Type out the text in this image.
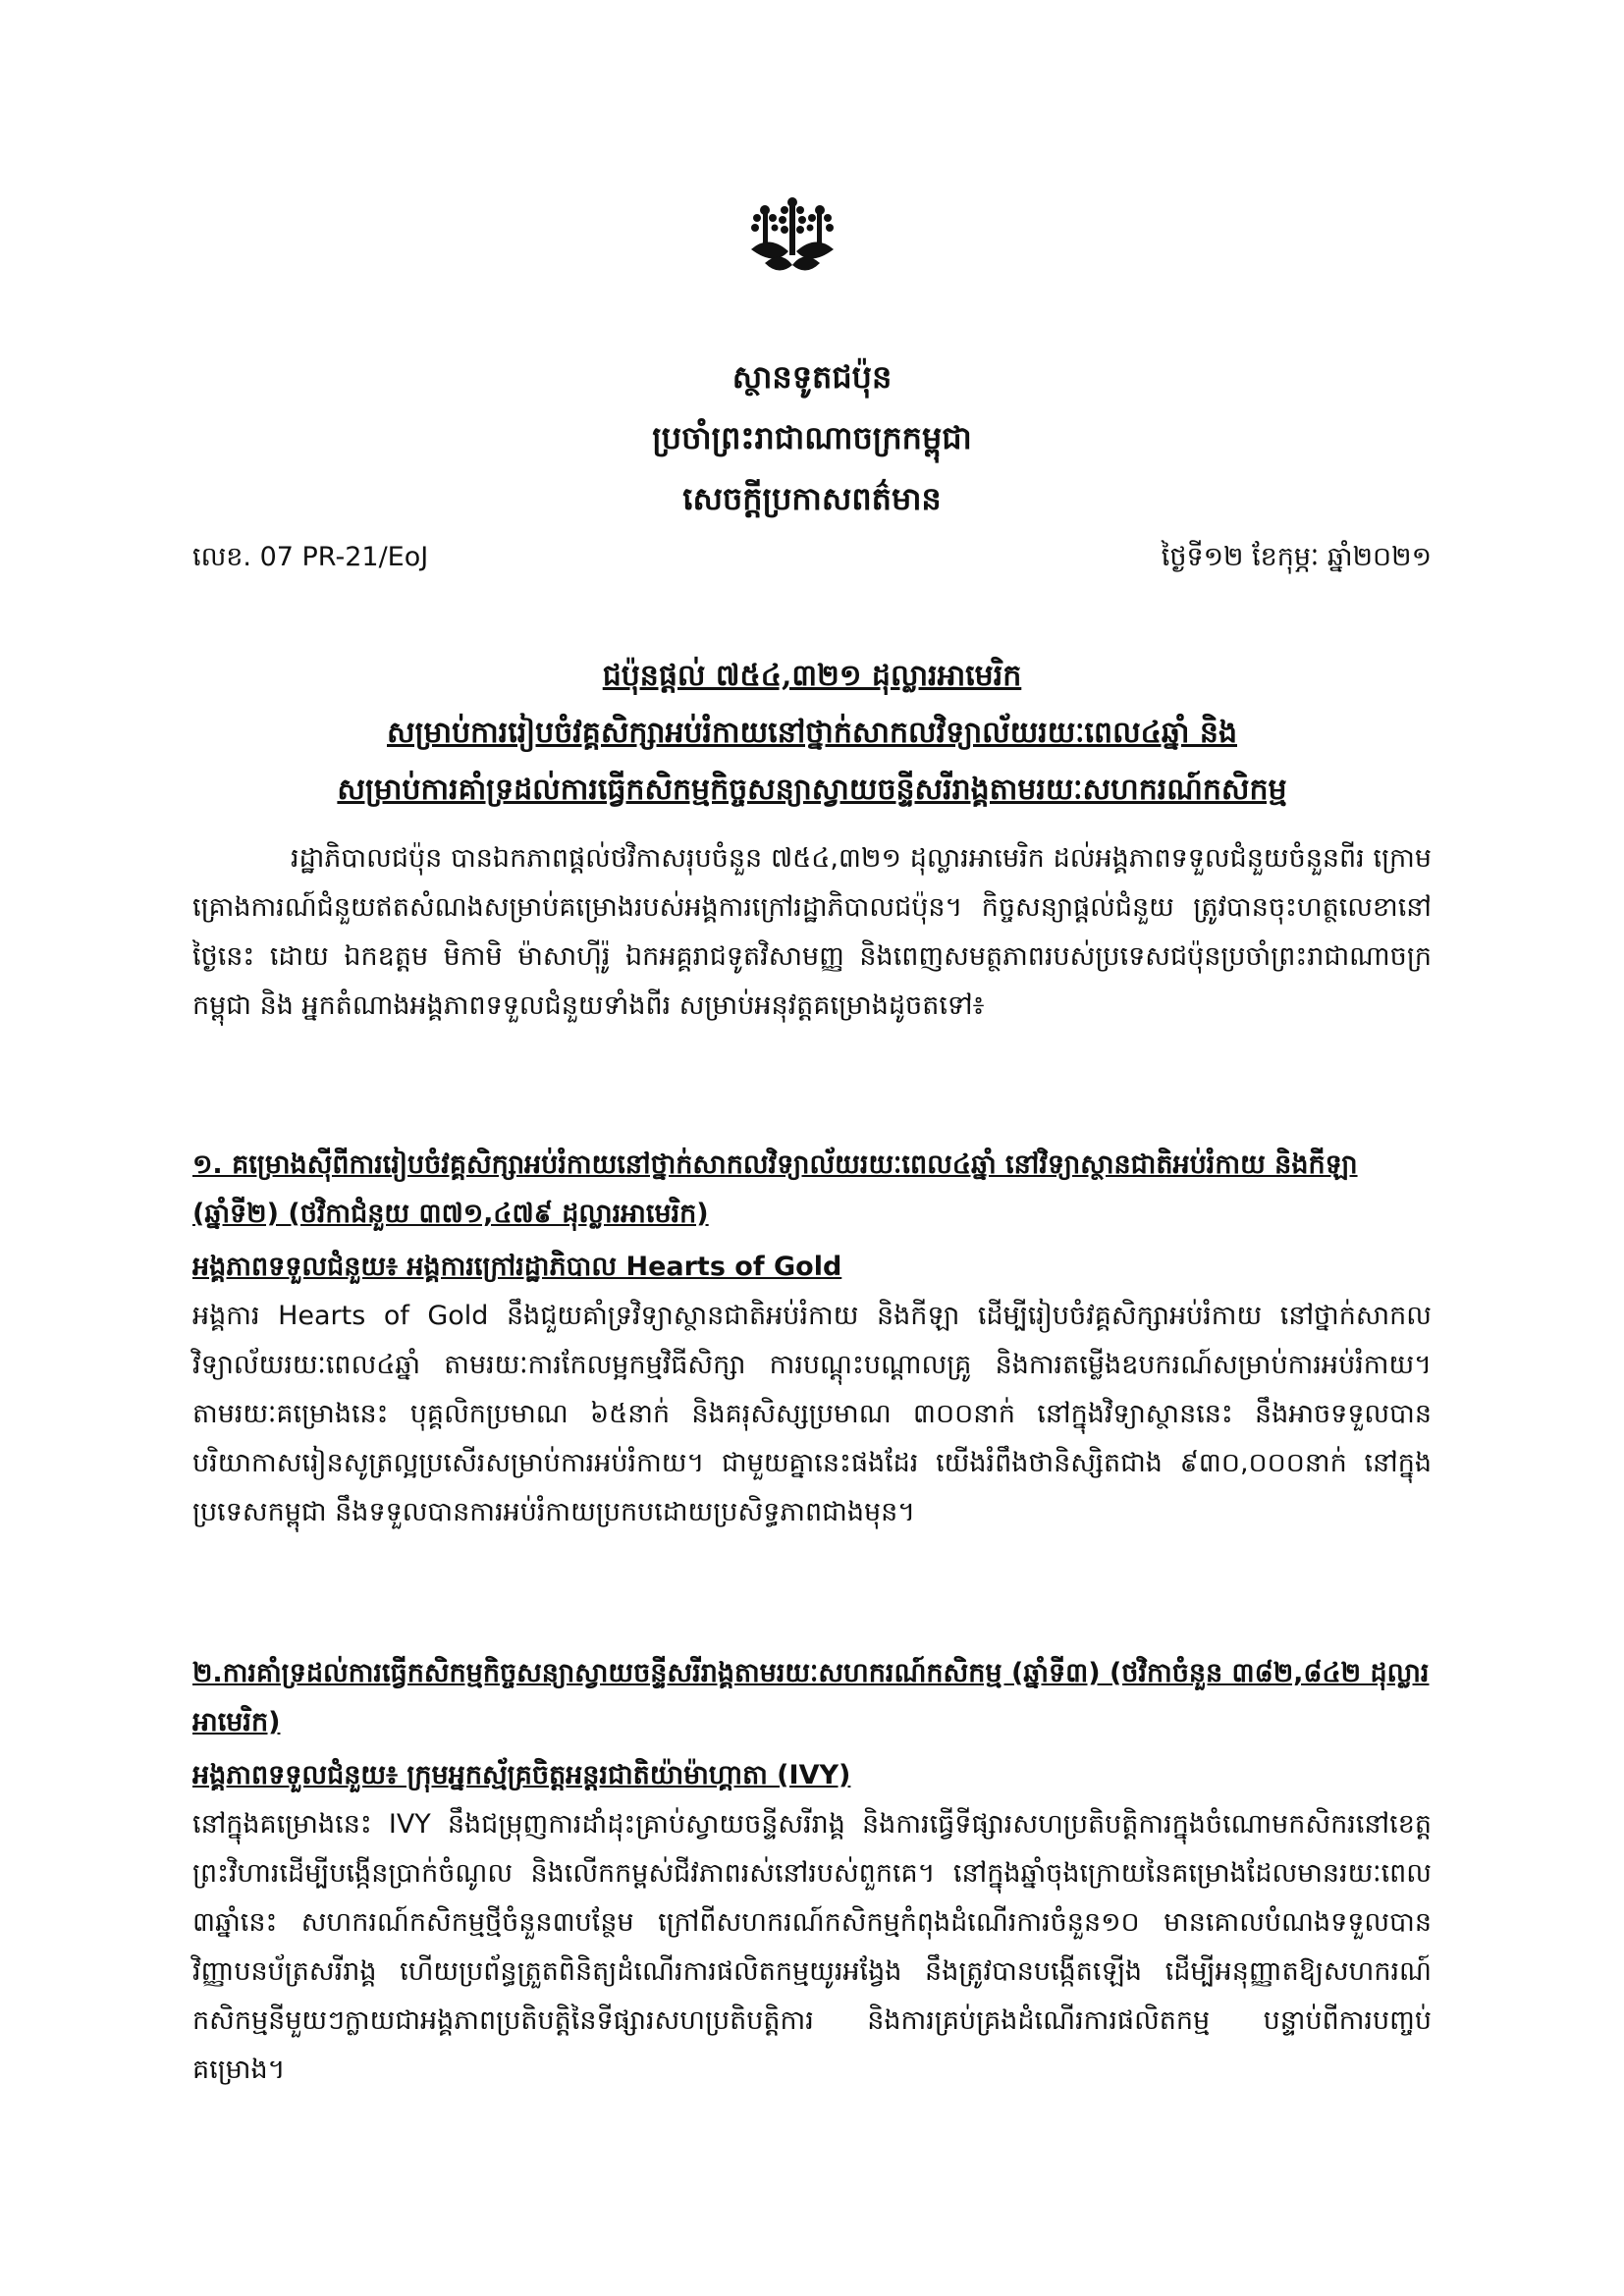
ស្ថានទូតជប៉ុន
ប្រចាំព្រះរាជាណាចក្រកម្ពុជា
សេចក្ដីប្រកាសពត៌មាន
លេខ. 07 PR-21/EoJ	ថ្ងៃទី១២ ខែកុម្ភៈ ឆ្នាំ២០២១
ជប៉ុនផ្តល់ ៧៥៤,៣២១ ដុល្លារអាមេរិក
សម្រាប់ការរៀបចំវគ្គសិក្សាអប់រំកាយនៅថ្នាក់សាកលវិទ្យាល័យរយៈពេល៤ឆ្នាំ និង
សម្រាប់ការគាំទ្រដល់ការធ្វើកសិកម្មកិច្ចសន្យាស្វាយចន្ទីសរីរាង្គតាមរយៈសហករណ៍កសិកម្ម
រដ្ឋាភិបាលជប៉ុន បានឯកភាពផ្តល់ថវិកាសរុបចំនួន ៧៥៤,៣២១ ដុល្លារអាមេរិក ដល់អង្គភាពទទួលជំនួយចំនួនពីរ ក្រោមគ្រោងការណ៍ជំនួយឥតសំណងសម្រាប់គម្រោងរបស់អង្គការក្រៅរដ្ឋាភិបាលជប៉ុន។ កិច្ចសន្យាផ្តល់ជំនួយ ត្រូវបានចុះហត្ថលេខានៅថ្ងៃនេះ ដោយ ឯកឧត្តម មិកាមិ ម៉ាសាហ៊ីរ៉ូ ឯកអគ្គរាជទូតវិសាមញ្ញ និងពេញសមត្ថភាពរបស់ប្រទេសជប៉ុនប្រចាំព្រះរាជាណាចក្រកម្ពុជា និង អ្នកតំណាងអង្គភាពទទួលជំនួយទាំងពីរ សម្រាប់អនុវត្តគម្រោងដូចតទៅ៖
១. គម្រោងស៊ីពីការរៀបចំវគ្គសិក្សាអប់រំកាយនៅថ្នាក់សាកលវិទ្យាល័យរយៈពេល៤ឆ្នាំ នៅវិទ្យាស្ថានជាតិអប់រំកាយ និងកីឡា (ឆ្នាំទី២) (ថវិកាជំនួយ ៣៧១,៤៧៩ ដុល្លារអាមេរិក)
អង្គភាពទទួលជំនួយ៖ អង្គការក្រៅរដ្ឋាភិបាល Hearts of Gold
អង្គការ Hearts of Gold នឹងជួយគាំទ្រវិទ្យាស្ថានជាតិអប់រំកាយ និងកីឡា ដើម្បីរៀបចំវគ្គសិក្សាអប់រំកាយ នៅថ្នាក់សាកលវិទ្យាល័យរយៈពេល៤ឆ្នាំ តាមរយៈការកែលម្អកម្មវិធីសិក្សា ការបណ្តុះបណ្តាលគ្រូ និងការតម្លើងឧបករណ៍សម្រាប់ការអប់រំកាយ។ តាមរយៈគម្រោងនេះ បុគ្គលិកប្រមាណ ៦៥នាក់ និងគរុសិស្សប្រមាណ ៣០០នាក់ នៅក្នុងវិទ្យាស្ថាននេះ នឹងអាចទទួលបានបរិយាកាសរៀនសូត្រល្អប្រសើរសម្រាប់ការអប់រំកាយ។ ជាមួយគ្នានេះផងដែរ យើងរំពឹងថានិស្សិតជាង ៩៣០,០០០នាក់ នៅក្នុងប្រទេសកម្ពុជា នឹងទទួលបានការអប់រំកាយប្រកបដោយប្រសិទ្ធភាពជាងមុន។
២.ការគាំទ្រដល់ការធ្វើកសិកម្មកិច្ចសន្យាស្វាយចន្ទីសរីរាង្គតាមរយៈសហករណ៍កសិកម្ម (ឆ្នាំទី៣) (ថវិកាចំនួន ៣៨២,៨៤២ ដុល្លារអាមេរិក)
អង្គភាពទទួលជំនួយ៖ ក្រុមអ្នកស្ម័គ្រចិត្តអន្តរជាតិយ៉ាម៉ាហ្គាតា (IVY)
នៅក្នុងគម្រោងនេះ IVY នឹងជម្រុញការដាំដុះគ្រាប់ស្វាយចន្ទីសរីរាង្គ និងការធ្វើទីផ្សារសហប្រតិបត្តិការក្នុងចំណោមកសិករនៅខេត្តព្រះវិហារដើម្បីបង្កើនប្រាក់ចំណូល និងលើកកម្ពស់ជីវភាពរស់នៅរបស់ពួកគេ។ នៅក្នុងឆ្នាំចុងក្រោយនៃគម្រោងដែលមានរយៈពេល ៣ឆ្នាំនេះ សហករណ៍កសិកម្មថ្មីចំនួន៣បន្ថែម ក្រៅពីសហករណ៍កសិកម្មកំពុងដំណើរការចំនួន១០ មានគោលបំណងទទួលបានវិញ្ញាបនប័ត្រសរីរាង្គ ហើយប្រព័ន្ធត្រួតពិនិត្យដំណើរការផលិតកម្មយូរអង្វែង នឹងត្រូវបានបង្កើតឡើង ដើម្បីអនុញ្ញាតឱ្យសហករណ៍កសិកម្មនីមួយៗក្លាយជាអង្គភាពប្រតិបត្តិនៃទីផ្សារសហប្រតិបត្តិការ និងការគ្រប់គ្រងដំណើរការផលិតកម្ម បន្ទាប់ពីការបញ្ចប់គម្រោង។
